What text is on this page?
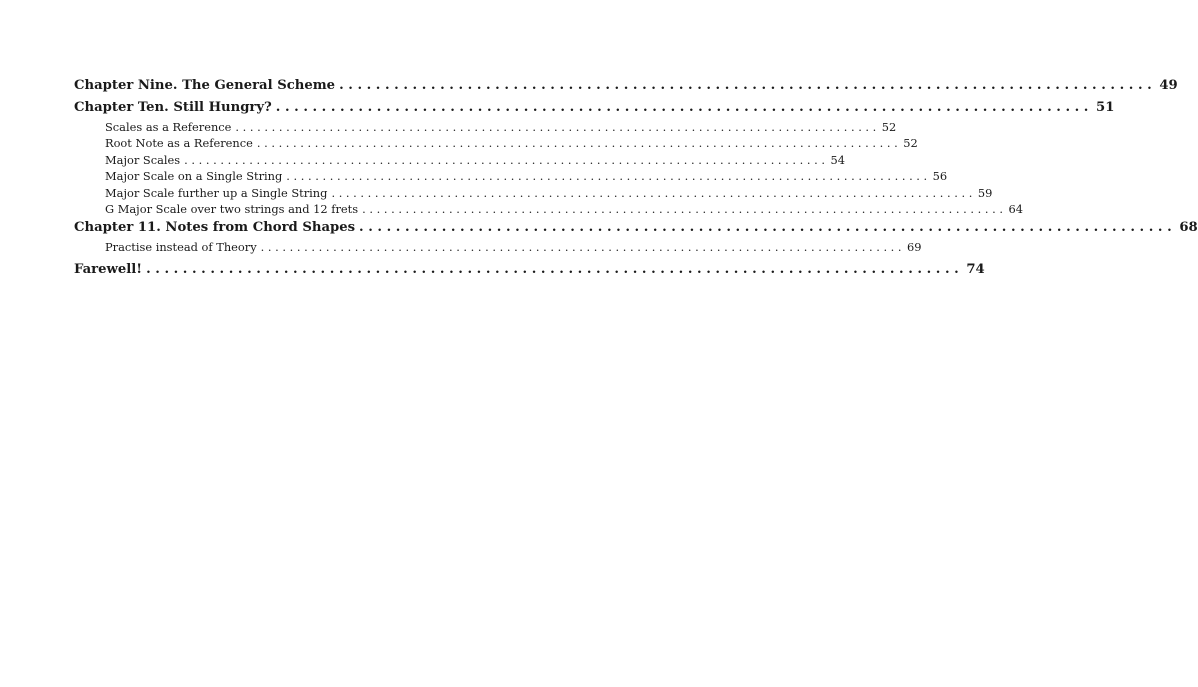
Chapter Nine. The General Scheme . . . . . . . . . . . . . . . . . . . . . . . . . . . . . . . . . . . . . . . . . . . . . . . . . . . . . . . . . . . . . . . . . . . . . . . . . . . . . . . . . . . . . . . . . 49
Chapter Ten. Still Hungry? . . . . . . . . . . . . . . . . . . . . . . . . . . . . . . . . . . . . . . . . . . . . . . . . . . . . . . . . . . . . . . . . . . . . . . . . . . . . . . . . . . . . . . . . . 51
Scales as a Reference . . . . . . . . . . . . . . . . . . . . . . . . . . . . . . . . . . . . . . . . . . . . . . . . . . . . . . . . . . . . . . . . . . . . . . . . . . . . . . . . . . . . . . . . . 52
Root Note as a Reference . . . . . . . . . . . . . . . . . . . . . . . . . . . . . . . . . . . . . . . . . . . . . . . . . . . . . . . . . . . . . . . . . . . . . . . . . . . . . . . . . . . . . . . . . 52
Major Scales . . . . . . . . . . . . . . . . . . . . . . . . . . . . . . . . . . . . . . . . . . . . . . . . . . . . . . . . . . . . . . . . . . . . . . . . . . . . . . . . . . . . . . . . . 54
Major Scale on a Single String . . . . . . . . . . . . . . . . . . . . . . . . . . . . . . . . . . . . . . . . . . . . . . . . . . . . . . . . . . . . . . . . . . . . . . . . . . . . . . . . . . . . . . . . . 56
Major Scale further up a Single String . . . . . . . . . . . . . . . . . . . . . . . . . . . . . . . . . . . . . . . . . . . . . . . . . . . . . . . . . . . . . . . . . . . . . . . . . . . . . . . . . . . . . . . . . 59
G Major Scale over two strings and 12 frets . . . . . . . . . . . . . . . . . . . . . . . . . . . . . . . . . . . . . . . . . . . . . . . . . . . . . . . . . . . . . . . . . . . . . . . . . . . . . . . . . . . . . . . . . 64
Chapter 11. Notes from Chord Shapes . . . . . . . . . . . . . . . . . . . . . . . . . . . . . . . . . . . . . . . . . . . . . . . . . . . . . . . . . . . . . . . . . . . . . . . . . . . . . . . . . . . . . . . . . 68
Practise instead of Theory . . . . . . . . . . . . . . . . . . . . . . . . . . . . . . . . . . . . . . . . . . . . . . . . . . . . . . . . . . . . . . . . . . . . . . . . . . . . . . . . . . . . . . . . . 69
Farewell! . . . . . . . . . . . . . . . . . . . . . . . . . . . . . . . . . . . . . . . . . . . . . . . . . . . . . . . . . . . . . . . . . . . . . . . . . . . . . . . . . . . . . . . . . 74
